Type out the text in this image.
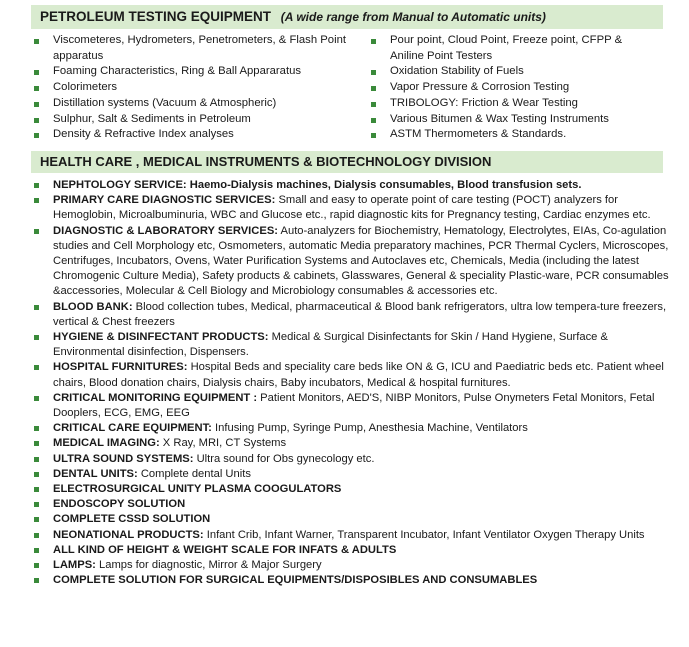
PETROLEUM TESTING EQUIPMENT (A wide range from Manual to Automatic units)
Viscometeres, Hydrometers, Penetrometers, & Flash Point
apparatus
Foaming Characteristics, Ring & Ball Appararatus
Colorimeters
Distillation systems (Vacuum & Atmospheric)
Sulphur, Salt & Sediments in Petroleum
Density & Refractive Index analyses
Pour point, Cloud Point, Freeze point, CFPP &
Aniline Point Testers
Oxidation Stability of Fuels
Vapor Pressure & Corrosion Testing
TRIBOLOGY: Friction & Wear Testing
Various Bitumen & Wax Testing Instruments
ASTM Thermometers & Standards.
HEALTH CARE , MEDICAL INSTRUMENTS & BIOTECHNOLOGY DIVISION
NEPHTOLOGY SERVICE: Haemo-Dialysis machines, Dialysis consumables, Blood transfusion sets.
PRIMARY CARE DIAGNOSTIC SERVICES: Small and easy to operate point of care testing (POCT) analyzers for Hemoglobin, Microalbuminuria, WBC and Glucose etc., rapid diagnostic kits for Pregnancy testing, Cardiac enzymes etc.
DIAGNOSTIC & LABORATORY SERVICES: Auto-analyzers for Biochemistry, Hematology, Electrolytes, EIAs, Co-agulation studies and Cell Morphology etc, Osmometers, automatic Media preparatory machines, PCR Thermal Cyclers, Microscopes, Centrifuges, Incubators, Ovens, Water Purification Systems and Autoclaves etc, Chemicals, Media (including the latest Chromogenic Culture Media), Safety products & cabinets, Glasswares, General & speciality Plastic-ware, PCR consumables &accessories, Molecular & Cell Biology and Microbiology consumables & accessories etc.
BLOOD BANK: Blood collection tubes, Medical, pharmaceutical & Blood bank refrigerators, ultra low tempera-ture freezers, vertical & Chest freezers
HYGIENE & DISINFECTANT PRODUCTS: Medical & Surgical Disinfectants for Skin / Hand Hygiene, Surface & Environmental disinfection, Dispensers.
HOSPITAL FURNITURES: Hospital Beds and speciality care beds like ON & G, ICU and Paediatric beds etc. Patient wheel chairs, Blood donation chairs, Dialysis chairs, Baby incubators, Medical & hospital furnitures.
CRITICAL MONITORING EQUIPMENT : Patient Monitors, AED'S, NIBP Monitors, Pulse Onymeters Fetal Monitors, Fetal Dooplers, ECG, EMG, EEG
CRITICAL CARE EQUIPMENT: Infusing Pump, Syringe Pump, Anesthesia Machine, Ventilators
MEDICAL IMAGING: X Ray, MRI, CT Systems
ULTRA SOUND SYSTEMS: Ultra sound for Obs gynecology etc.
DENTAL UNITS: Complete dental Units
ELECTROSURGICAL UNITY PLASMA COOGULATORS
ENDOSCOPY SOLUTION
COMPLETE CSSD SOLUTION
NEONATIONAL PRODUCTS: Infant Crib, Infant Warner, Transparent Incubator, Infant Ventilator Oxygen Therapy Units
ALL KIND OF HEIGHT & WEIGHT SCALE FOR INFATS & ADULTS
LAMPS: Lamps for diagnostic, Mirror & Major Surgery
COMPLETE SOLUTION FOR SURGICAL EQUIPMENTS/DISPOSIBLES AND CONSUMABLES
